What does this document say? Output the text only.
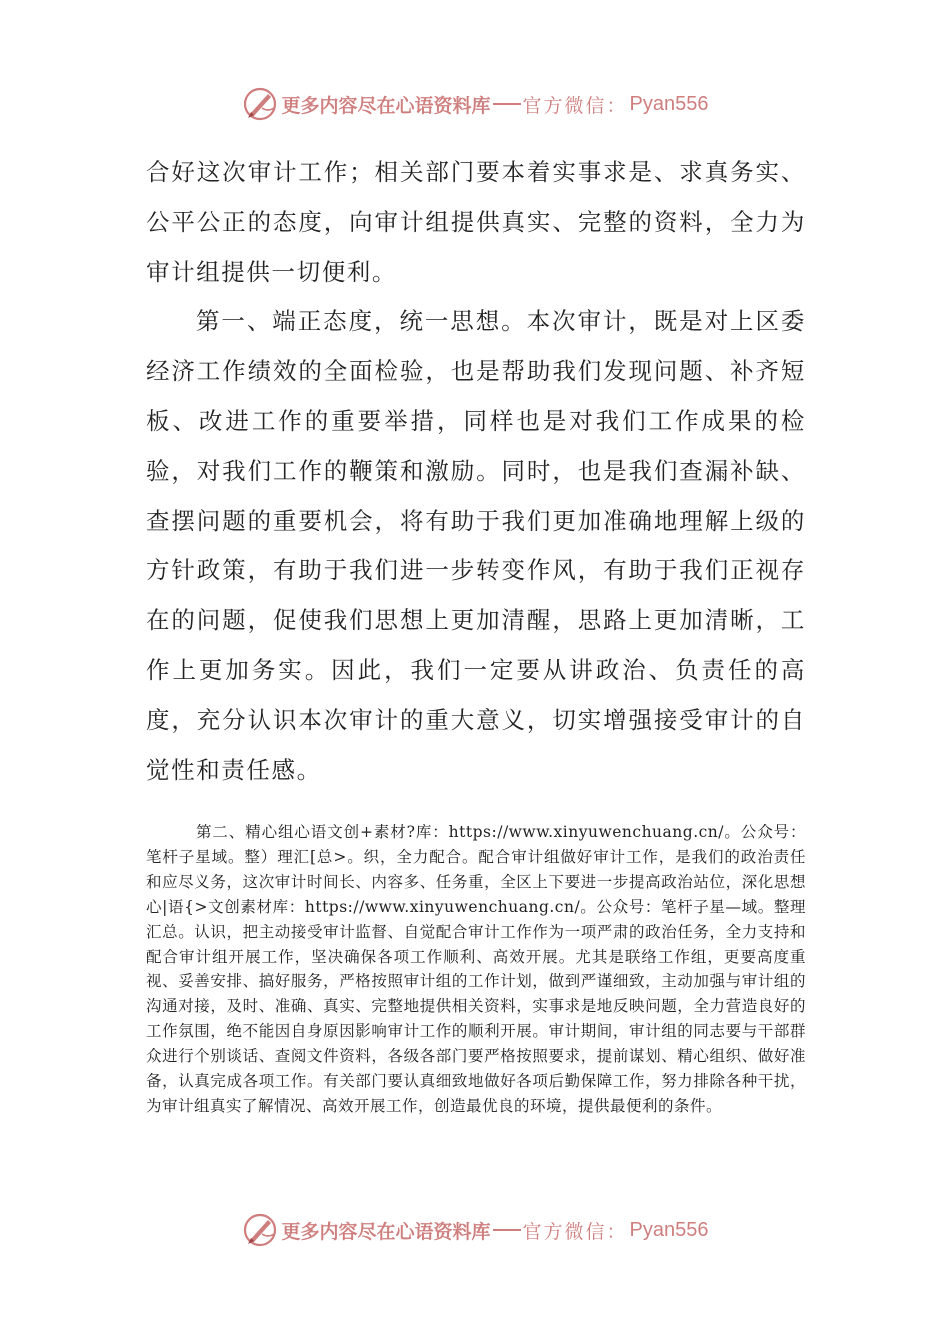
更多内容尽在心语资料库 官方微信： Pyan556

合好这次审计工作；相关部门要本着实事求是、求真务实、公平公正的态度，向审计组提供真实、完整的资料，全力为审计组提供一切便利。

第一、端正态度，统一思想。本次审计，既是对上区委经济工作绩效的全面检验，也是帮助我们发现问题、补齐短板、改进工作的重要举措，同样也是对我们工作成果的检验，对我们工作的鞭策和激励。同时，也是我们查漏补缺、查摆问题的重要机会，将有助于我们更加准确地理解上级的方针政策，有助于我们进一步转变作风，有助于我们正视存在的问题，促使我们思想上更加清醒，思路上更加清晰，工作上更加务实。因此，我们一定要从讲政治、负责任的高度，充分认识本次审计的重大意义，切实增强接受审计的自觉性和责任感。

第二、精心组心语文创+素材?库：https://www.xinyuwenchuang.cn/。公众号：笔杆子星域。整）理汇[总>。织，全力配合。配合审计组做好审计工作，是我们的政治责任和应尽义务，这次审计时间长、内容多、任务重，全区上下要进一步提高政治站位，深化思想心|语{>文创素材库：https://www.xinyuwenchuang.cn/。公众号：笔杆子星—域。整理汇总。认识，把主动接受审计监督、自觉配合审计工作作为一项严肃的政治任务，全力支持和配合审计组开展工作，坚决确保各项工作顺利、高效开展。尤其是联络工作组，更要高度重视、妥善安排、搞好服务，严格按照审计组的工作计划，做到严谨细致，主动加强与审计组的沟通对接，及时、准确、真实、完整地提供相关资料，实事求是地反映问题，全力营造良好的工作氛围，绝不能因自身原因影响审计工作的顺利开展。审计期间，审计组的同志要与干部群众进行个别谈话、查阅文件资料，各级各部门要严格按照要求，提前谋划、精心组织、做好准备，认真完成各项工作。有关部门要认真细致地做好各项后勤保障工作，努力排除各种干扰，为审计组真实了解情况、高效开展工作，创造最优良的环境，提供最便利的条件。

更多内容尽在心语资料库 官方微信： Pyan556
